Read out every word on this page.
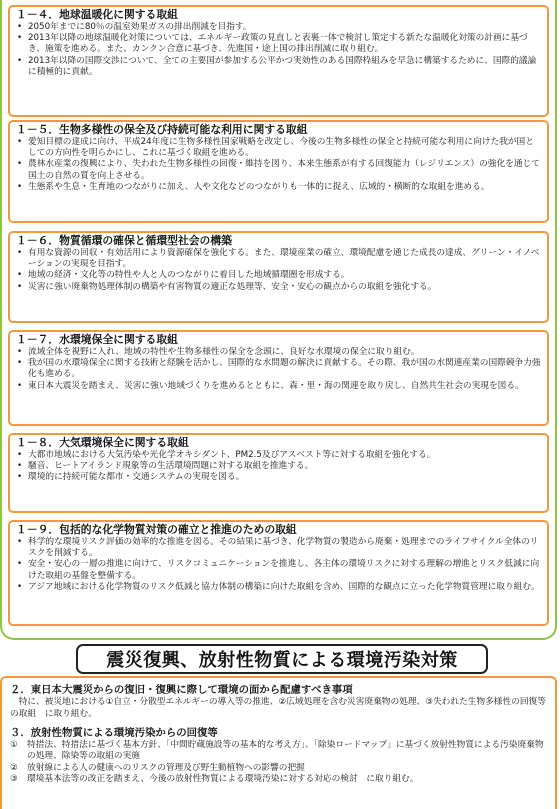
１－４．地球温暖化に関する取組
• 2050年までに80％の温室効果ガスの排出削減を目指す。
• 2013年以降の地球温暖化対策については、エネルギー政策の見直しと表裏一体で検討し策定する新たな温暖化対策の計画に基づき、施策を進める。また、カンクン合意に基づき、先進国・途上国の排出削減に取り組む。
• 2013年以降の国際交渉について、全ての主要国が参加する公平かつ実効性のある国際枠組みを早急に構築するために、国際的議論に積極的に貢献。
１－５．生物多様性の保全及び持続可能な利用に関する取組
• 愛知目標の達成に向け、平成24年度に生物多様性国家戦略を改定し、今後の生物多様性の保全と持続可能な利用に向けた我が国としての方向性を明らかにし、これに基づく取組を進める。
• 農林水産業の復興により、失われた生物多様性の回復・維持を図り、本来生態系が有する回復能力（レジリエンス）の強化を通じて国土の自然の質を向上させる。
• 生態系や生息・生育地のつながりに加え、人や文化などのつながりも一体的に捉え、広域的・横断的な取組を進める。
１－６．物質循環の確保と循環型社会の構築
• 有用な資源の回収・有効活用により資源確保を強化する。また、環境産業の確立、環境配慮を通じた成長の達成、グリーン・イノベーションの実現を目指す。
• 地域の経済・文化等の特性や人と人のつながりに着目した地域循環圏を形成する。
• 災害に強い廃棄物処理体制の構築や有害物質の適正な処理等、安全・安心の観点からの取組を強化する。
１－７．水環境保全に関する取組
• 流域全体を視野に入れ、地域の特性や生物多様性の保全を念頭に、良好な水環境の保全に取り組む。
• 我が国の水環境保全に関する技術と経験を活かし、国際的な水問題の解決に貢献する。その際、我が国の水関連産業の国際競争力強化も進める。
• 東日本大震災を踏まえ、災害に強い地域づくりを進めるとともに、森・里・海の関連を取り戻し、自然共生社会の実現を図る。
１－８．大気環境保全に関する取組
• 大都市地域における大気汚染や光化学オキシダント、PM2.5及びアスベスト等に対する取組を強化する。
• 騒音、ヒートアイランド現象等の生活環境問題に対する取組を推進する。
• 環境的に持続可能な都市・交通システムの実現を図る。
１－９．包括的な化学物質対策の確立と推進のための取組
• 科学的な環境リスク評価の効率的な推進を図る。その結果に基づき、化学物質の製造から廃棄・処理までのライフサイクル全体のリスクを削減する。
• 安全・安心の一層の推進に向けて、リスクコミュニケーションを推進し、各主体の環境リスクに対する理解の増進とリスク低減に向けた取組の基盤を整備する。
• アジア地域における化学物質のリスク低減と協力体制の構築に向けた取組を含め、国際的な観点に立った化学物質管理に取り組む。
震災復興、放射性物質による環境汚染対策
２．東日本大震災からの復旧・復興に際して環境の面から配慮すべき事項

特に、被災地における①自立・分散型エネルギーの導入等の推進、②広域処理を含む災害廃棄物の処理、③失われた生物多様性の回復等の取組　に取り組む。

３．放射性物質による環境汚染からの回復等
① 特措法、特措法に基づく基本方針、「中間貯蔵施設等の基本的な考え方」、「除染ロードマップ」に基づく放射性物質による汚染廃棄物の処理、除染等の取組の実施
② 放射線による人の健康へのリスクの管理及び野生動植物への影響の把握
③ 環境基本法等の改正を踏まえ、今後の放射性物質による環境汚染に対する対応の検討　に取り組む。
